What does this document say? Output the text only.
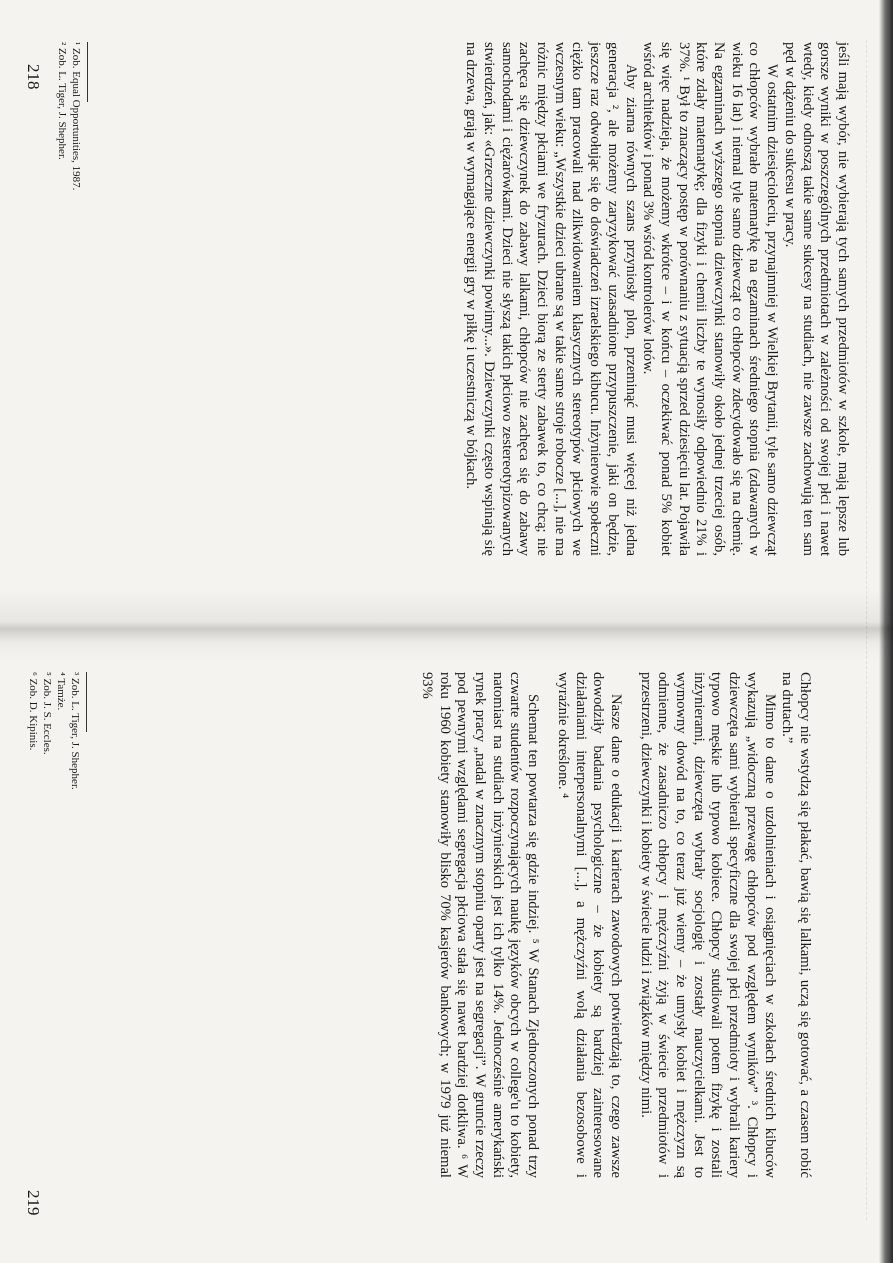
jeśli mają wybór, nie wybierają tych samych przedmiotów w szkole, mają lepsze lub gorsze wyniki w poszczególnych przedmiotach w zależności od swojej płci i nawet wtedy, kiedy odnoszą takie same sukcesy na studiach, nie zawsze zachowują ten sam pęd w dążeniu do sukcesu w pracy.

W ostatnim dziesięcioleciu, przynajmniej w Wielkiej Brytanii, tyle samo dziewcząt co chłopców wybrało matematykę na egzaminach średniego stopnia (zdawanych w wieku 16 lat) i niemal tyle samo dziewcząt co chłopców zdecydowało się na chemię. Na egzaminach wyższego stopnia dziewczynki stanowiły około jednej trzeciej osób, które zdały matematykę; dla fizyki i chemii liczby te wynosiły odpowiednio 21% i 37%. ¹ Był to znaczący postęp w porównaniu z sytuacją sprzed dziesięciu lat. Pojawiła się więc nadzieja, że możemy wkrótce – i w końcu – oczekiwać ponad 5% kobiet wśród architektów i ponad 3% wśród kontrolerów lotów.

Aby ziarna równych szans przyniosły plon, przeminąć musi więcej niż jedna generacja ², ale możemy zaryzykować uzasadnione przypuszczenie, jaki on będzie, jeszcze raz odwołując się do doświadczeń izraelskiego kibucu. Inżynierowie społeczni ciężko tam pracowali nad zlikwidowaniem klasycznych stereotypów płciowych we wczesnym wieku: „Wszystkie dzieci ubrane są w takie same stroje robocze [...], nie ma różnic między płciami we fryzurach. Dzieci biorą ze sterty zabawek to, co chcą; nie zachęca się dziewczynek do zabawy lalkami, chłopców nie zachęca się do zabawy samochodami i ciężarówkami. Dzieci nie słyszą takich płciowo zestereotypizowanych stwierdzeń, jak: «Grzeczne dziewczynki powinny...». Dziewczynki często wspinają się na drzewa, grają w wymagające energii gry w piłkę i uczestniczą w bójkach.

¹ Zob. Equal Opportunities, 1987.

² Zob. L. Tiger, J. Shepher.

218

Chłopcy nie wstydzą się płakać, bawią się lalkami, uczą się gotować, a czasem robić na drutach.”

Mimo to dane o uzdolnieniach i osiągnięciach w szkołach średnich kibuców wykazują „widoczną przewagę chłopców pod względem wyników” ³. Chłopcy i dziewczęta sami wybierali specyficzne dla swojej płci przedmioty i wybrali kariery typowo męskie lub typowo kobiece. Chłopcy studiowali potem fizykę i zostali inżynierami, dziewczęta wybrały socjologię i zostały nauczycielkami. Jest to wymowny dowód na to, co teraz już wiemy – że umysły kobiet i mężczyzn są odmienne, że zasadniczo chłopcy i mężczyźni żyją w świecie przedmiotów i przestrzeni, dziewczynki i kobiety w świecie ludzi i związków między nimi.

Nasze dane o edukacji i karierach zawodowych potwierdzają to, czego zawsze dowodziły badania psychologiczne – że kobiety są bardziej zainteresowane działaniami interpersonalnymi [...], a mężczyźni wolą działania bezosobowe i wyraźnie określone. ⁴

Schemat ten powtarza się gdzie indziej. ⁵ W Stanach Zjednoczonych ponad trzy czwarte studentów rozpoczynających naukę języków obcych w college'u to kobiety, natomiast na studiach inżynierskich jest ich tylko 14%. Jednocześnie amerykański rynek pracy „nadal w znacznym stopniu oparty jest na segregacji”. W gruncie rzeczy pod pewnymi względami segregacja płciowa stała się nawet bardziej dotkliwa. ⁶ W roku 1960 kobiety stanowiły blisko 70% kasjerów bankowych; w 1979 już niemal 93%

³ Zob. L. Tiger, J. Shepher.

⁴ Tamże.

⁵ Zob. J. S. Eccles.

⁶ Zob. D. Kipinis.

219
